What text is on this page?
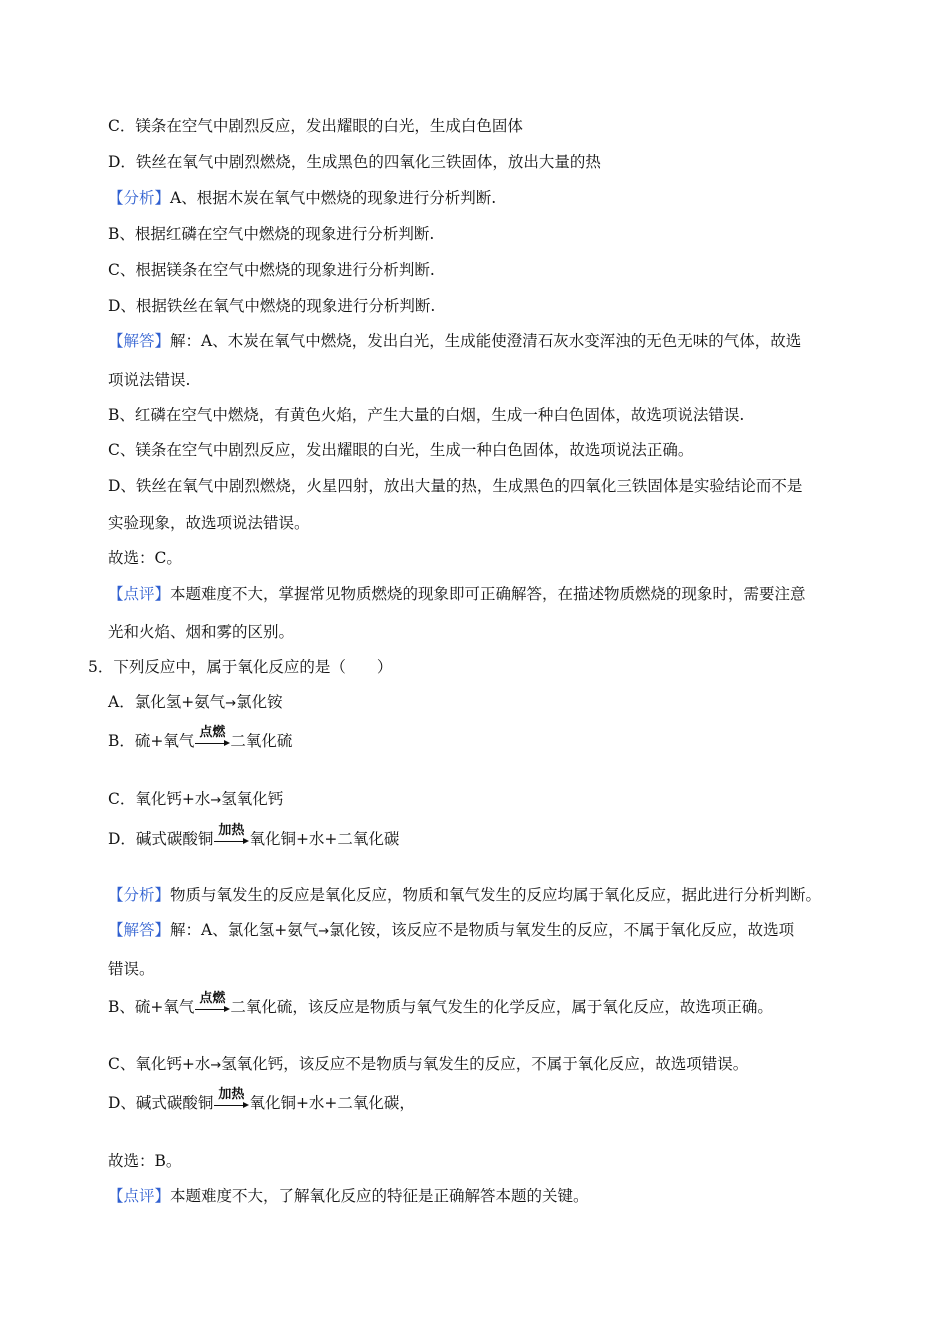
C．镁条在空气中剧烈反应，发出耀眼的白光，生成白色固体
D．铁丝在氧气中剧烈燃烧，生成黑色的四氧化三铁固体，放出大量的热
【分析】A、根据木炭在氧气中燃烧的现象进行分析判断.
B、根据红磷在空气中燃烧的现象进行分析判断.
C、根据镁条在空气中燃烧的现象进行分析判断.
D、根据铁丝在氧气中燃烧的现象进行分析判断.
【解答】解：A、木炭在氧气中燃烧，发出白光，生成能使澄清石灰水变浑浊的无色无味的气体，故选
项说法错误.
B、红磷在空气中燃烧，有黄色火焰，产生大量的白烟，生成一种白色固体，故选项说法错误.
C、镁条在空气中剧烈反应，发出耀眼的白光，生成一种白色固体，故选项说法正确。
D、铁丝在氧气中剧烈燃烧，火星四射，放出大量的热，生成黑色的四氧化三铁固体是实验结论而不是
实验现象，故选项说法错误。
故选：C。
【点评】本题难度不大，掌握常见物质燃烧的现象即可正确解答，在描述物质燃烧的现象时，需要注意
光和火焰、烟和雾的区别。
5．下列反应中，属于氧化反应的是（　　）
A．氯化氢+氨气→氯化铵
B．硫+氧气 点燃 二氧化硫
C．氧化钙+水→氢氧化钙
D．碱式碳酸铜 加热 氧化铜+水+二氧化碳
【分析】物质与氧发生的反应是氧化反应，物质和氧气发生的反应均属于氧化反应，据此进行分析判断。
【解答】解：A、氯化氢+氨气→氯化铵，该反应不是物质与氧发生的反应，不属于氧化反应，故选项
错误。
B、硫+氧气 点燃 二氧化硫，该反应是物质与氧气发生的化学反应，属于氧化反应，故选项正确。
C、氧化钙+水→氢氧化钙，该反应不是物质与氧发生的反应，不属于氧化反应，故选项错误。
D、碱式碳酸铜 加热 氧化铜+水+二氧化碳，
故选：B。
【点评】本题难度不大，了解氧化反应的特征是正确解答本题的关键。
